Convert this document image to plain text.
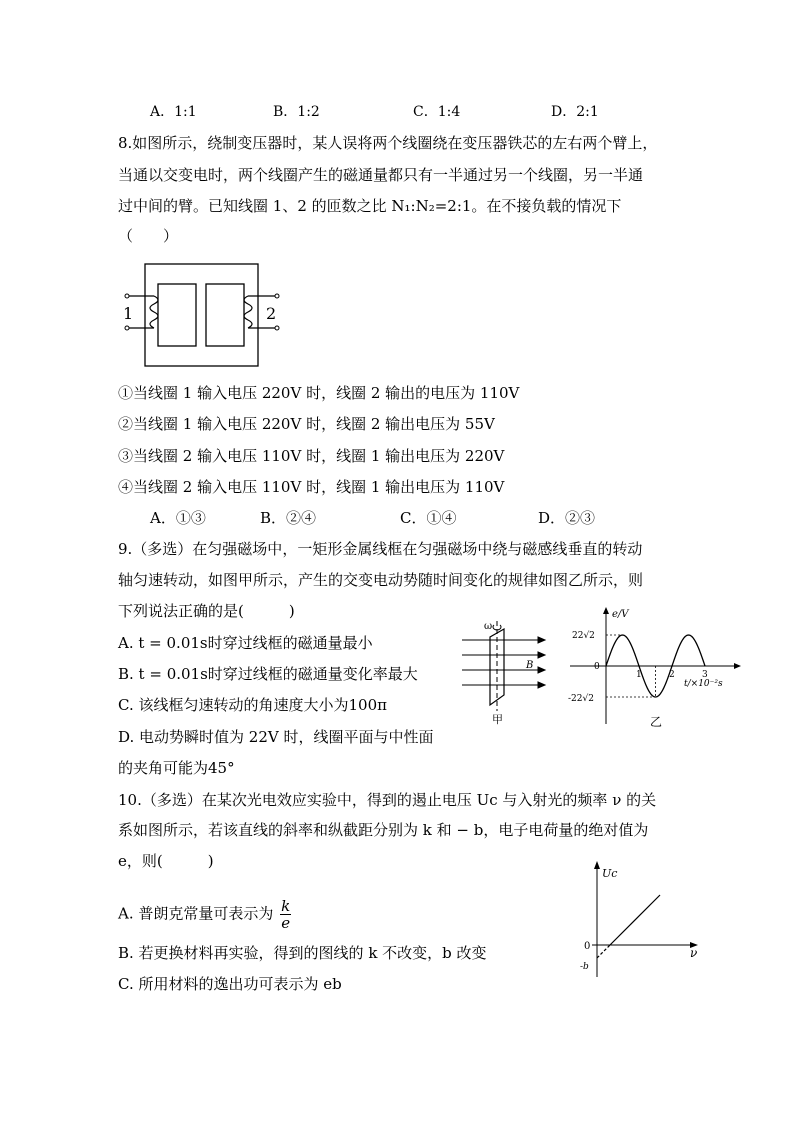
A．1:1	B．1:2	C．1:4	D．2:1
8.如图所示，绕制变压器时，某人误将两个线圈绕在变压器铁芯的左右两个臂上，
当通以交变电时，两个线圈产生的磁通量都只有一半通过另一个线圈，另一半通
过中间的臂。已知线圈 1、2 的匝数之比 N₁:N₂=2:1。在不接负载的情况下
（　　）
1	2
①当线圈 1 输入电压 220V 时，线圈 2 输出的电压为 110V
②当线圈 1 输入电压 220V 时，线圈 2 输出电压为 55V
③当线圈 2 输入电压 110V 时，线圈 1 输出电压为 220V
④当线圈 2 输入电压 110V 时，线圈 1 输出电压为 110V
A．①③	B．②④	C．①④	D．②③
9.（多选）在匀强磁场中，一矩形金属线框在匀强磁场中绕与磁感线垂直的转动
轴匀速转动，如图甲所示，产生的交变电动势随时间变化的规律如图乙所示，则
下列说法正确的是(　　　)
A. t = 0.01s时穿过线框的磁通量最小
B. t = 0.01s时穿过线框的磁通量变化率最大
C. 该线框匀速转动的角速度大小为100π
D. 电动势瞬时值为 22V 时，线圈平面与中性面
的夹角可能为45°
ω
B
甲
e/V
t/×10⁻²s
22√2
0
-22√2
1	2	3
乙
10.（多选）在某次光电效应实验中，得到的遏止电压 Uc 与入射光的频率 ν 的关
系如图所示，若该直线的斜率和纵截距分别为 k 和 − b，电子电荷量的绝对值为
e，则(　　　)
A. 普朗克常量可表示为 $\frac{k}{e}$
B. 若更换材料再实验，得到的图线的 k 不改变，b 改变
C. 所用材料的逸出功可表示为 eb
Uc
ν
0
-b
